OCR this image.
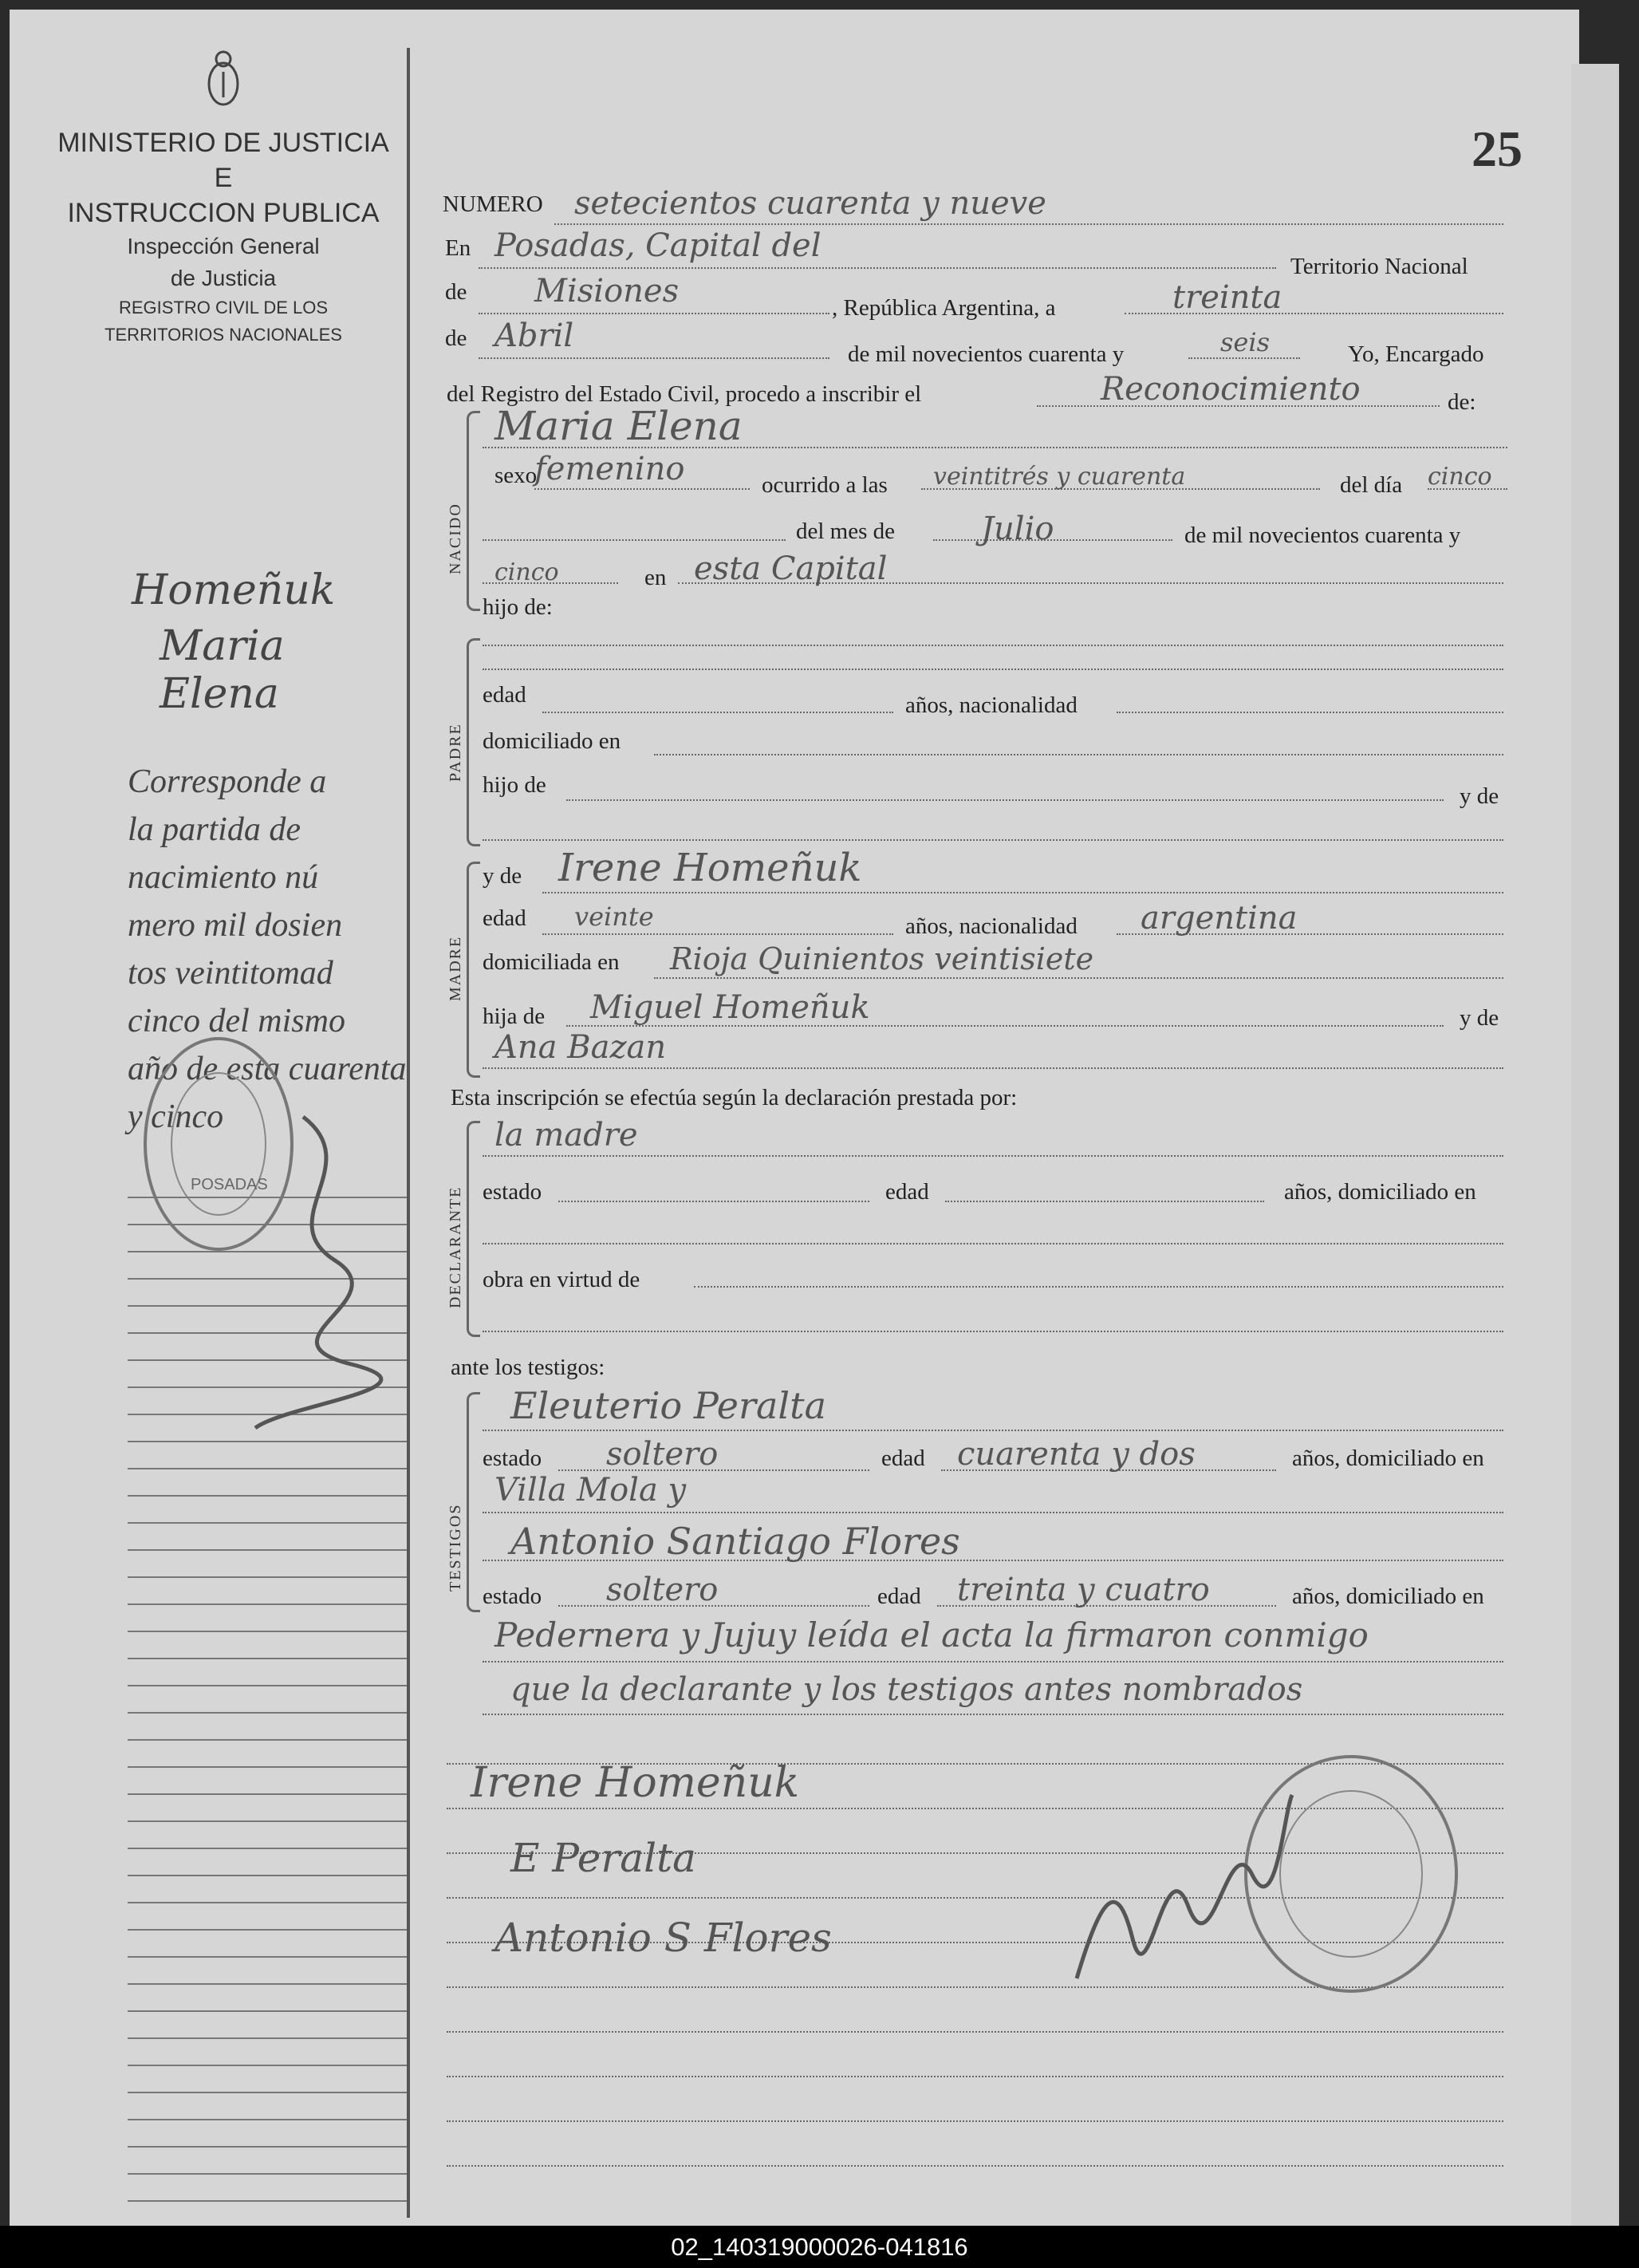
25
MINISTERIO DE JUSTICIA
E
INSTRUCCION PUBLICA
Inspección General
de Justicia
REGISTRO CIVIL DE LOS
TERRITORIOS NACIONALES
Homeñuk
Maria
Elena
Corresponde a
la partida de
nacimiento nú
mero mil dosien
tos veintitomad
cinco del mismo
año de esta cuarenta
y cinco
POSADAS
NUMERO setecientos cuarenta y nueve
En Posadas, Capital del
Territorio Nacional
de Misiones	, República Argentina, a	treinta
de Abril	de mil novecientos cuarenta y	seis	Yo, Encargado
del Registro del Estado Civil, procedo a inscribir el	Reconocimiento	de:
NACIDO
Maria Elena
sexo
femenino	ocurrido a las veintitrés y cuarenta	del día cinco
del mes de	Julio	de mil novecientos cuarenta y
cinco	en esta Capital
hijo de:
PADRE
edad	años, nacionalidad
domiciliado en
hijo de	y de
MADRE
y de Irene Homeñuk
edad veinte	años, nacionalidad argentina
domiciliada en Rioja Quinientos veintisiete
hija de Miguel Homeñuk	y de
Ana Bazan
Esta inscripción se efectúa según la declaración prestada por:
DECLARANTE
la madre
estado	edad	años, domiciliado en
obra en virtud de
ante los testigos:
TESTIGOS
Eleuterio Peralta
estado soltero	edad cuarenta y dos	años, domiciliado en
Villa Mola y
Antonio Santiago Flores
estado soltero	edad treinta y cuatro	años, domiciliado en
Pedernera y Jujuy leída el acta la firmaron conmigo
que la declarante y los testigos antes nombrados
Irene Homeñuk
E Peralta
Antonio S Flores
02_140319000026-041816
